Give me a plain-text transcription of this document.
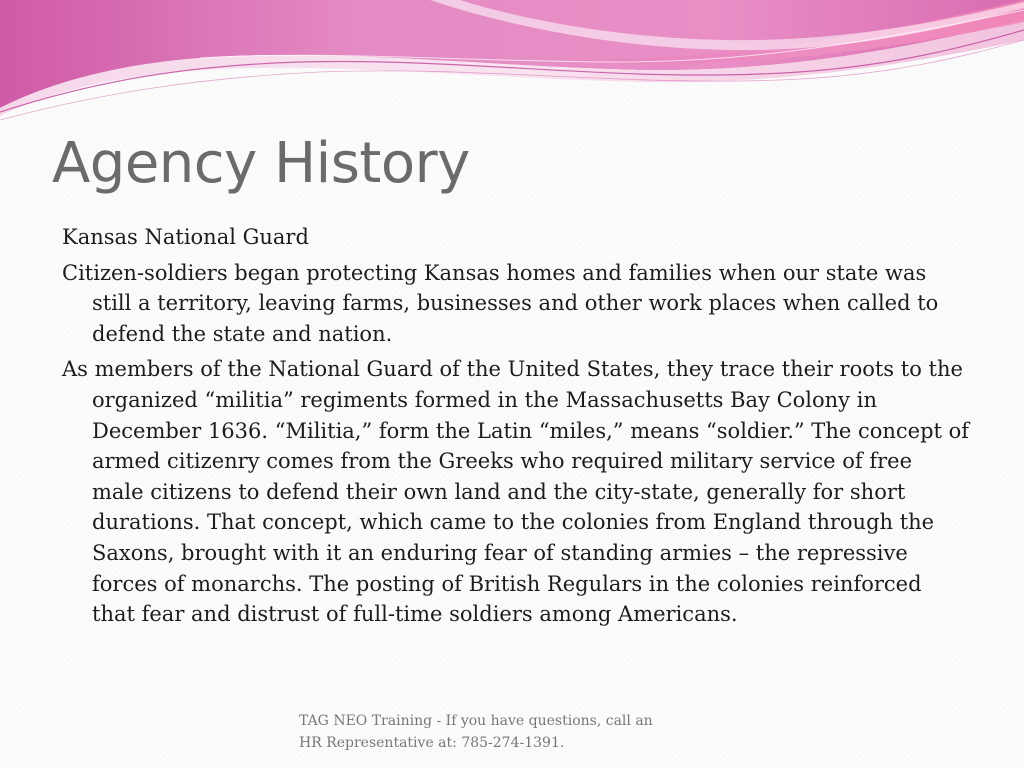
Agency History

Kansas National Guard

Citizen-soldiers began protecting Kansas homes and families when our state was still a territory, leaving farms, businesses and other work places when called to defend the state and nation.

As members of the National Guard of the United States, they trace their roots to the organized “militia” regiments formed in the Massachusetts Bay Colony in December 1636. “Militia,” form the Latin “miles,” means “soldier.” The concept of armed citizenry comes from the Greeks who required military service of free male citizens to defend their own land and the city-state, generally for short durations. That concept, which came to the colonies from England through the Saxons, brought with it an enduring fear of standing armies – the repressive forces of monarchs. The posting of British Regulars in the colonies reinforced that fear and distrust of full-time soldiers among Americans.

TAG NEO Training - If you have questions, call an
HR Representative at: 785-274-1391.
